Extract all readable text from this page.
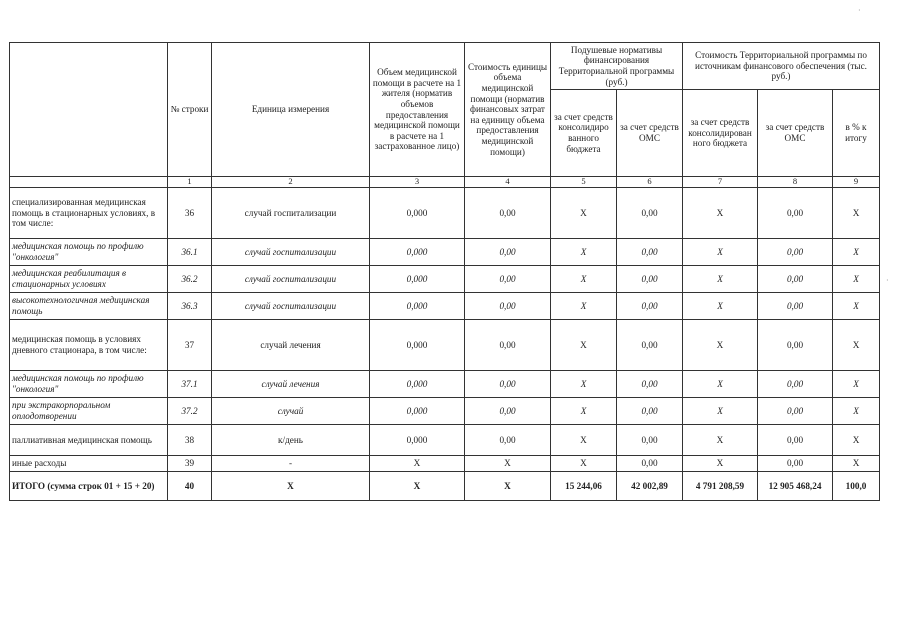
·
·
	№ строки	Единица измерения	Объем медицинской помощи в расчете на 1 жителя (норматив объемов предоставления медицинской помощи в расчете на 1 застрахованное лицо)	Стоимость единицы объема медицинской помощи (норматив финансовых затрат на единицу объема предоставления медицинской помощи)	Подушевые нормативы финансирования Территориальной программы (руб.)		Стоимость Территориальной программы по источникам финансового обеспечения (тыс. руб.)		
					за счет средств консолидиро ванного бюджета	за счет средств ОМС	за счет средств консолидирован ного бюджета	за счет средств ОМС	в % к итогу
	1	2	3	4	5	6	7	8	9
специализированная медицинская помощь в стационарных условиях, в том числе:	36	случай госпитализации	0,000	0,00	X	0,00	X	0,00	X
медицинская помощь по профилю "онкология"	36.1	случай госпитализации	0,000	0,00	X	0,00	X	0,00	X
медицинская реабилитация в стационарных условиях	36.2	случай госпитализации	0,000	0,00	X	0,00	X	0,00	X
высокотехнологичная медицинская помощь	36.3	случай госпитализации	0,000	0,00	X	0,00	X	0,00	X
медицинская помощь в условиях дневного стационара, в том числе:	37	случай лечения	0,000	0,00	X	0,00	X	0,00	X
медицинская помощь по профилю "онкология"	37.1	случай лечения	0,000	0,00	X	0,00	X	0,00	X
при экстракорпоральном оплодотворении	37.2	случай	0,000	0,00	X	0,00	X	0,00	X
паллиативная медицинская помощь	38	к/день	0,000	0,00	X	0,00	X	0,00	X
иные расходы	39	-	X	X	X	0,00	X	0,00	X
ИТОГО (сумма строк 01 + 15 + 20)	40	X	X	X	15 244,06	42 002,89	4 791 208,59	12 905 468,24	100,0
